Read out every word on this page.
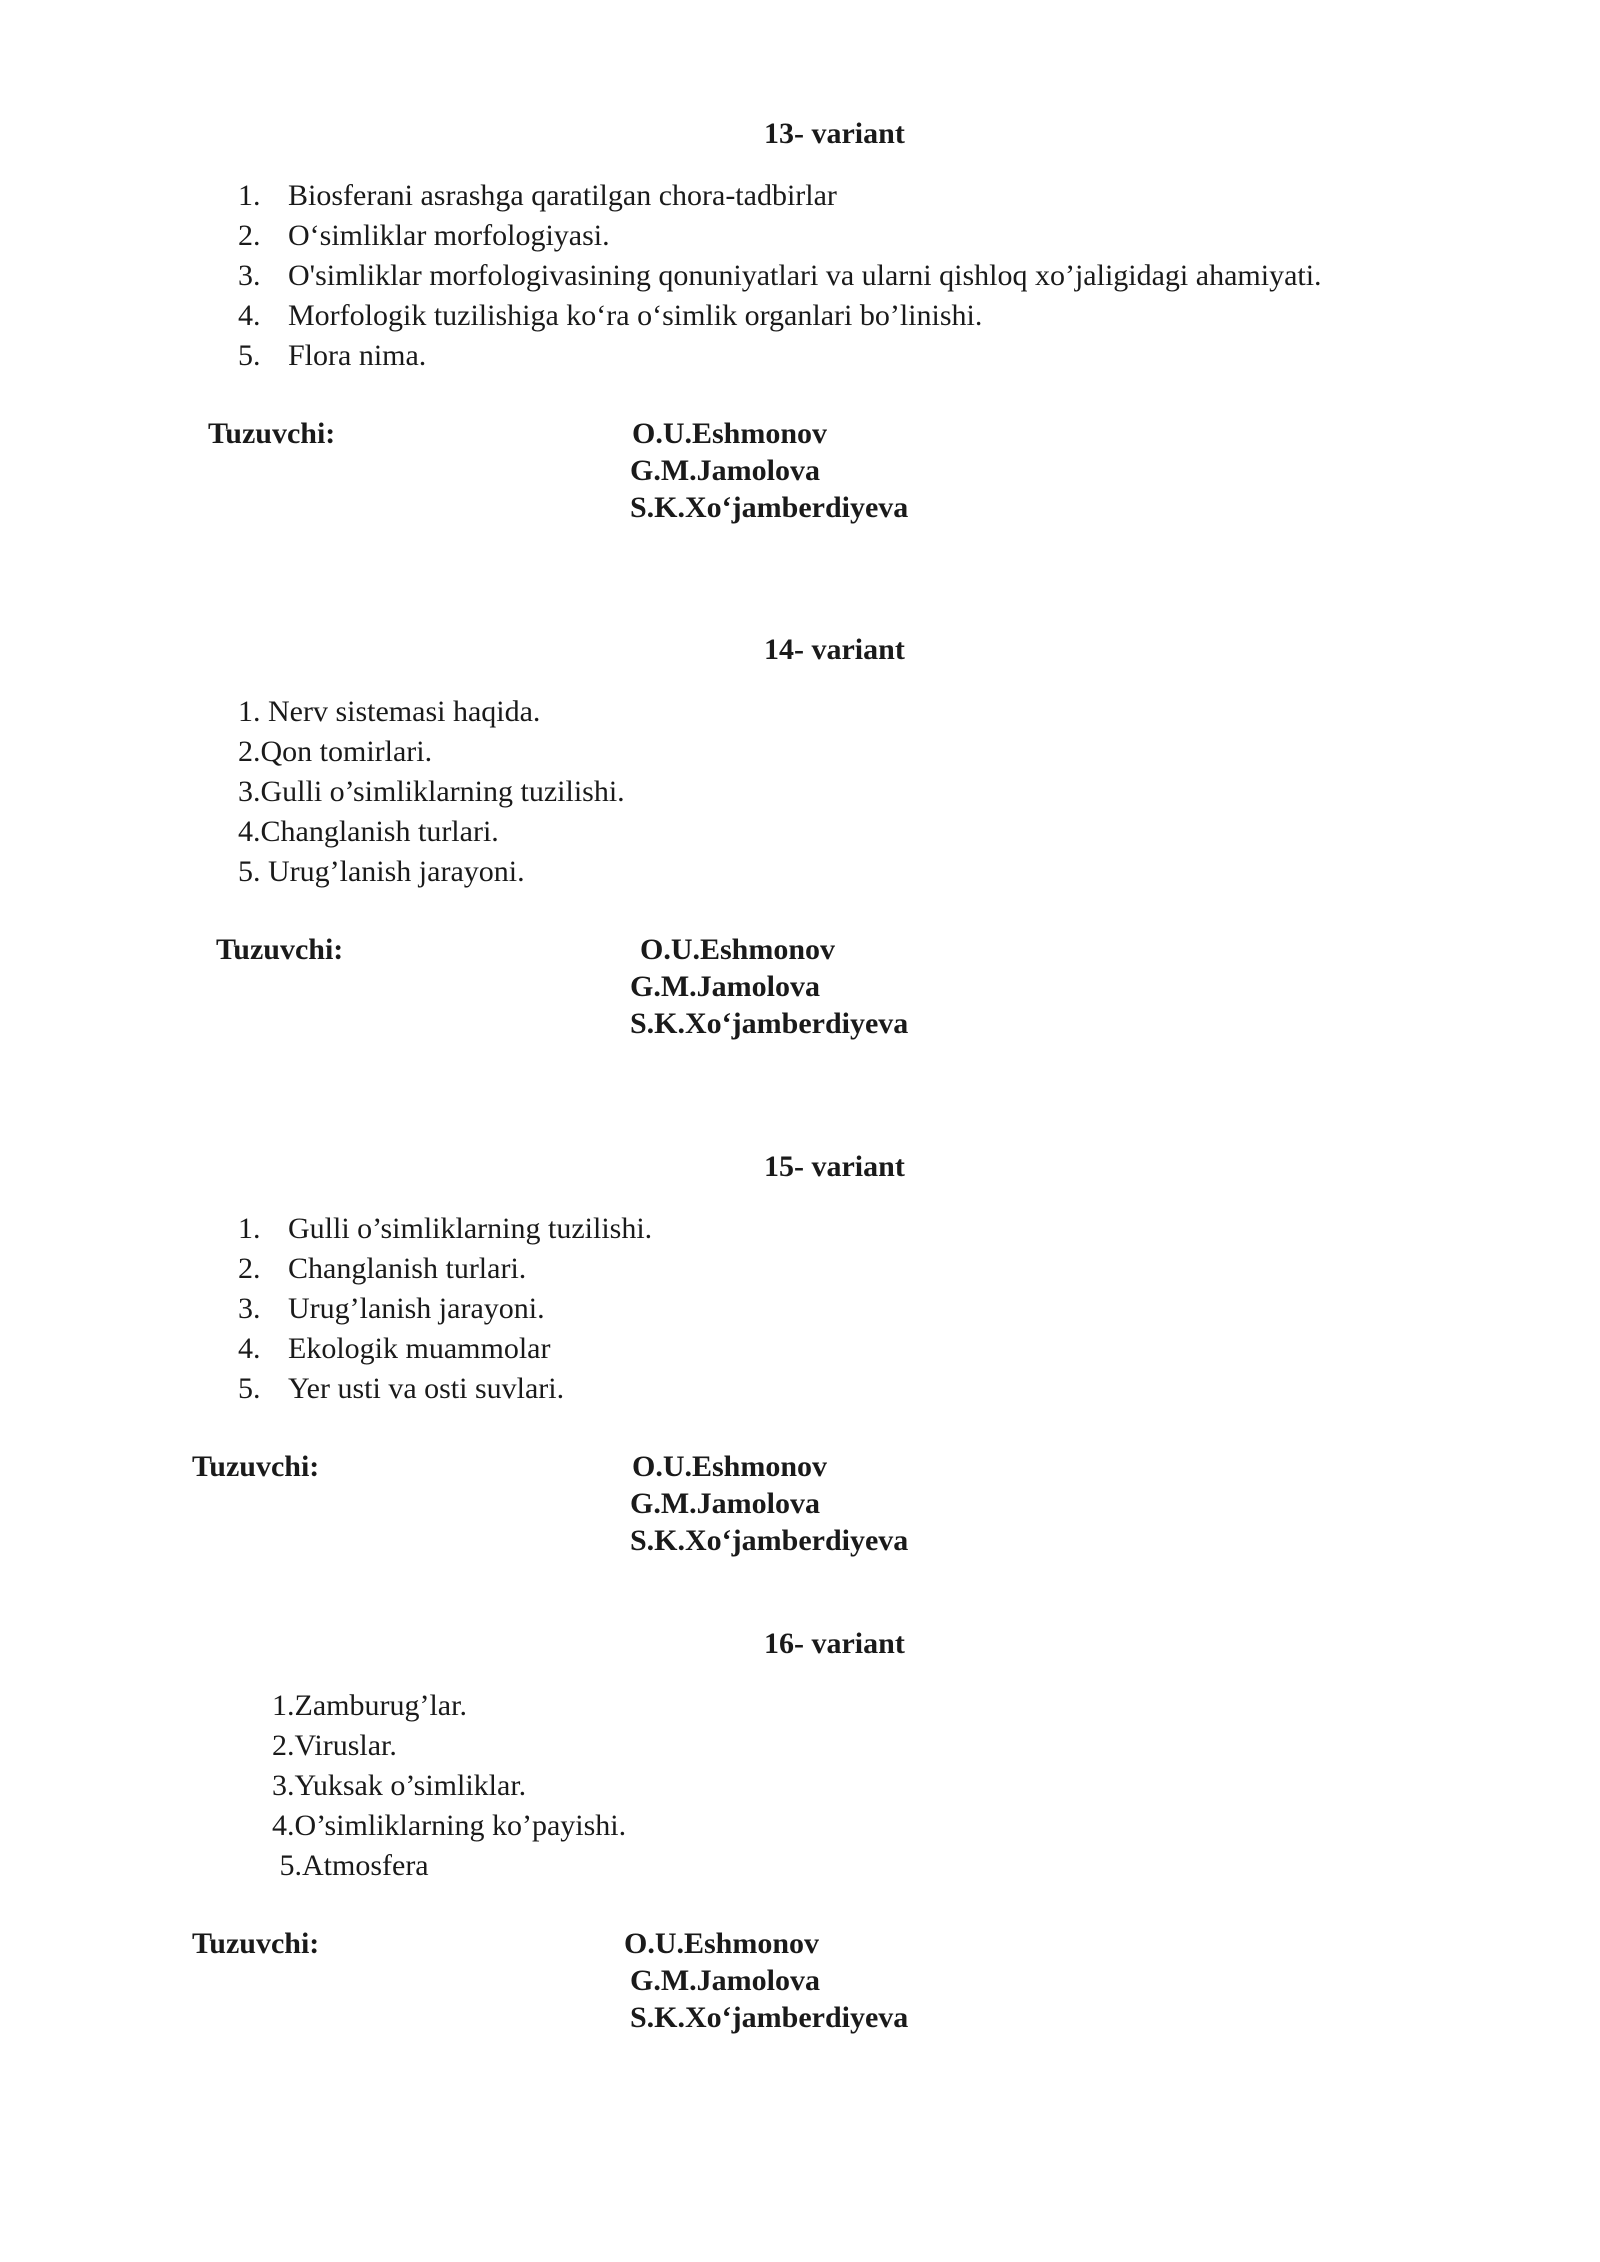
13- variant
1. Biosferani asrashga qaratilgan chora-tadbirlar
2. O‘simliklar morfologiyasi.
3. O'simliklar morfologivasining qonuniyatlari va ularni qishloq xo’jaligidagi ahamiyati.
4. Morfologik tuzilishiga ko‘ra o‘simlik organlari bo’linishi.
5. Flora nima.
Tuzuvchi:	O.U.Eshmonov
G.M.Jamolova
S.K.Xo‘jamberdiyeva
14- variant
1. Nerv sistemasi haqida.
2.Qon tomirlari.
3.Gulli o’simliklarning tuzilishi.
4.Changlanish turlari.
5. Urug’lanish jarayoni.
Tuzuvchi:	O.U.Eshmonov
G.M.Jamolova
S.K.Xo‘jamberdiyeva
15- variant
1. Gulli o’simliklarning tuzilishi.
2. Changlanish turlari.
3. Urug’lanish jarayoni.
4. Ekologik muammolar
5. Yer usti va osti suvlari.
Tuzuvchi:	O.U.Eshmonov
G.M.Jamolova
S.K.Xo‘jamberdiyeva
16- variant
1.Zamburug’lar.
2.Viruslar.
3.Yuksak o’simliklar.
4.O’simliklarning ko’payishi.
5.Atmosfera
Tuzuvchi:	O.U.Eshmonov
G.M.Jamolova
S.K.Xo‘jamberdiyeva
